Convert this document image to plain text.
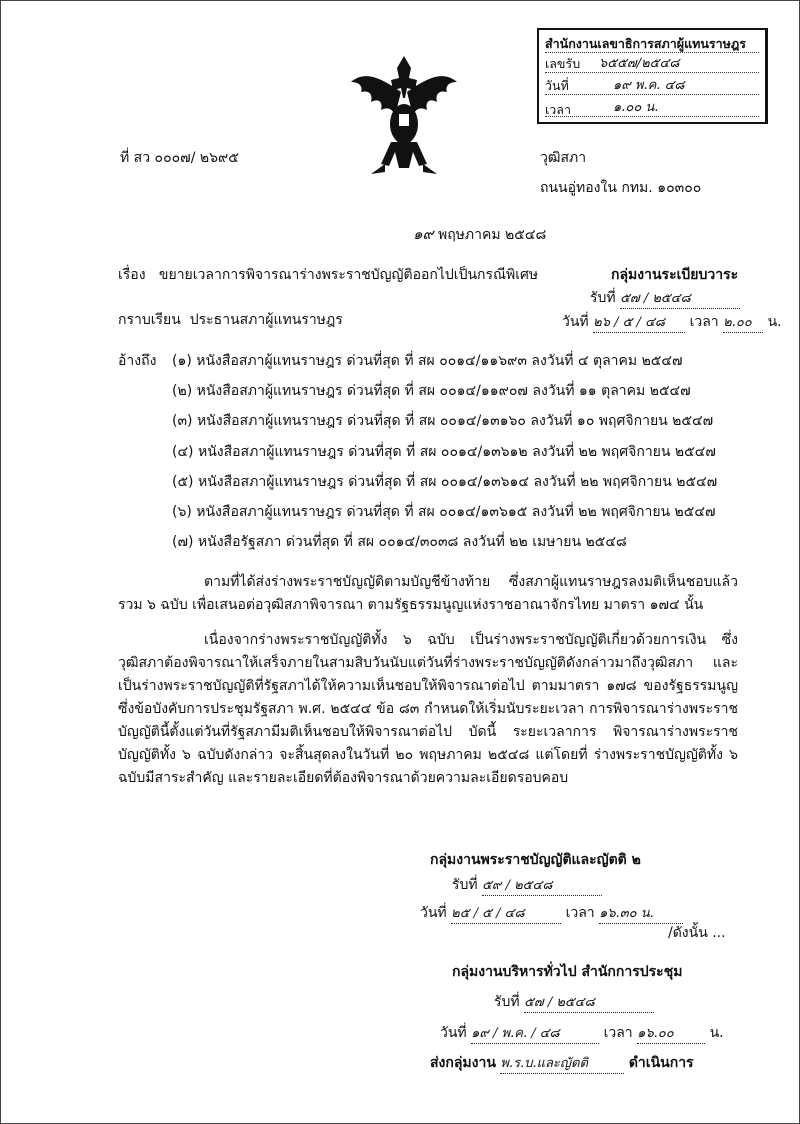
สำนักงานเลขาธิการสภาผู้แทนราษฎร
เลขรับ ๖๕๕๗/๒๕๔๘
วันที่	๑๙ พ.ค. ๔๘
เวลา	๑.๐๐ น.
ที่ สว ๐๐๐๗/ ๒๖๙๕	วุฒิสภา
ถนนอู่ทองใน กทม. ๑๐๓๐๐
๑๙ พฤษภาคม ๒๕๔๘
เรื่อง ขยายเวลาการพิจารณาร่างพระราชบัญญัติออกไปเป็นกรณีพิเศษ
กราบเรียน ประธานสภาผู้แทนราษฎร
กลุ่มงานระเบียบวาระ
รับที่ ๕๗ / ๒๕๔๘
วันที่ ๒๖ / ๕ / ๔๘ เวลา ๒.๐๐ น.
อ้างถึง (๑) หนังสือสภาผู้แทนราษฎร ด่วนที่สุด ที่ สผ ๐๐๑๔/๑๑๖๙๓ ลงวันที่ ๔ ตุลาคม ๒๕๔๗
(๒) หนังสือสภาผู้แทนราษฎร ด่วนที่สุด ที่ สผ ๐๐๑๔/๑๑๙๐๗ ลงวันที่ ๑๑ ตุลาคม ๒๕๔๗
(๓) หนังสือสภาผู้แทนราษฎร ด่วนที่สุด ที่ สผ ๐๐๑๔/๑๓๑๖๐ ลงวันที่ ๑๐ พฤศจิกายน ๒๕๔๗
(๔) หนังสือสภาผู้แทนราษฎร ด่วนที่สุด ที่ สผ ๐๐๑๔/๑๓๖๑๒ ลงวันที่ ๒๒ พฤศจิกายน ๒๕๔๗
(๕) หนังสือสภาผู้แทนราษฎร ด่วนที่สุด ที่ สผ ๐๐๑๔/๑๓๖๑๔ ลงวันที่ ๒๒ พฤศจิกายน ๒๕๔๗
(๖) หนังสือสภาผู้แทนราษฎร ด่วนที่สุด ที่ สผ ๐๐๑๔/๑๓๖๑๕ ลงวันที่ ๒๒ พฤศจิกายน ๒๕๔๗
(๗) หนังสือรัฐสภา ด่วนที่สุด ที่ สผ ๐๐๑๔/๓๐๓๘ ลงวันที่ ๒๒ เมษายน ๒๕๔๘
ตามที่ได้ส่งร่างพระราชบัญญัติตามบัญชีข้างท้าย ซึ่งสภาผู้แทนราษฎรลงมติเห็นชอบแล้ว รวม ๖ ฉบับ เพื่อเสนอต่อวุฒิสภาพิจารณา ตามรัฐธรรมนูญแห่งราชอาณาจักรไทย มาตรา ๑๗๔ นั้น
เนื่องจากร่างพระราชบัญญัติทั้ง ๖ ฉบับ เป็นร่างพระราชบัญญัติเกี่ยวด้วยการเงิน ซึ่งวุฒิสภาต้องพิจารณาให้เสร็จภายในสามสิบวันนับแต่วันที่ร่างพระราชบัญญัติดังกล่าวมาถึงวุฒิสภา และเป็นร่างพระราชบัญญัติที่รัฐสภาได้ให้ความเห็นชอบให้พิจารณาต่อไป ตามมาตรา ๑๗๘ ของรัฐธรรมนูญ ซึ่งข้อบังคับการประชุมรัฐสภา พ.ศ. ๒๕๔๔ ข้อ ๘๓ กำหนดให้เริ่มนับระยะเวลา การพิจารณาร่างพระราชบัญญัตินี้ตั้งแต่วันที่รัฐสภามีมติเห็นชอบให้พิจารณาต่อไป บัดนี้ ระยะเวลาการ พิจารณาร่างพระราชบัญญัติทั้ง ๖ ฉบับดังกล่าว จะสิ้นสุดลงในวันที่ ๒๐ พฤษภาคม ๒๕๔๘ แต่โดยที่ ร่างพระราชบัญญัติทั้ง ๖ ฉบับมีสาระสำคัญ และรายละเอียดที่ต้องพิจารณาด้วยความละเอียดรอบคอบ
กลุ่มงานพระราชบัญญัติและญัตติ ๒
รับที่ ๕๙ / ๒๕๔๘
วันที่ ๒๕ / ๕ / ๔๘	เวลา ๑๖.๓๐ น.
/ดังนั้น ...
กลุ่มงานบริหารทั่วไป สำนักการประชุม
รับที่ ๕๗ / ๒๕๔๘
วันที่ ๑๙ / พ.ค. / ๔๘	เวลา ๑๖.๐๐	น.
ส่งกลุ่มงาน พ.ร.บ.และญัตติ	ดำเนินการ
